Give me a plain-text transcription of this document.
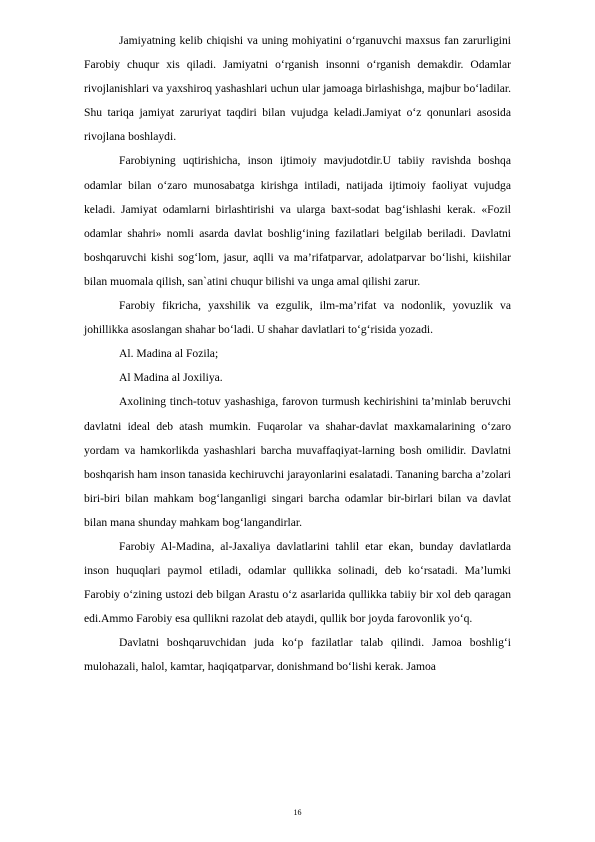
Jamiyatning kelib chiqishi va uning mohiyatini o‘rganuvchi maxsus fan zarurligini Farobiy chuqur xis qiladi. Jamiyatni o‘rganish insonni o‘rganish demakdir. Odamlar rivojlanishlari va yaxshiroq yashashlari uchun ular jamoaga birlashishga, majbur bo‘ladilar. Shu tariqa jamiyat zaruriyat taqdiri bilan vujudga keladi.Jamiyat o‘z qonunlari asosida rivojlana boshlaydi.

Farobiyning uqtirishicha, inson ijtimoiy mavjudotdir.U tabiiy ravishda boshqa odamlar bilan o‘zaro munosabatga kirishga intiladi, natijada ijtimoiy faoliyat vujudga keladi. Jamiyat odamlarni birlashtirishi va ularga baxt-sodat bag‘ishlashi kerak. «Fozil odamlar shahri» nomli asarda davlat boshlig‘ining fazilatlari belgilab beriladi. Davlatni boshqaruvchi kishi sog‘lom, jasur, aqlli va ma’rifatparvar, adolatparvar bo‘lishi, kiishilar bilan muomala qilish, san`atini chuqur bilishi va unga amal qilishi zarur.

Farobiy fikricha, yaxshilik va ezgulik, ilm-ma’rifat va nodonlik, yovuzlik va johillikka asoslangan shahar bo‘ladi. U shahar davlatlari to‘g‘risida yozadi.

Al. Madina al Fozila;

Al Madina al Joxiliya.

Axolining tinch-totuv yashashiga, farovon turmush kechirishini ta’minlab beruvchi davlatni ideal deb atash mumkin. Fuqarolar va shahar-davlat maxkamalarining o‘zaro yordam va hamkorlikda yashashlari barcha muvaffaqiyat-larning bosh omilidir. Davlatni boshqarish ham inson tanasida kechiruvchi jarayonlarini esalatadi. Tananing barcha a’zolari biri-biri bilan mahkam bog‘langanligi singari barcha odamlar bir-birlari bilan va davlat bilan mana shunday mahkam bog‘langandirlar.

Farobiy Al-Madina, al-Jaxaliya davlatlarini tahlil etar ekan, bunday davlatlarda inson huquqlari paymol etiladi, odamlar qullikka solinadi, deb ko‘rsatadi. Ma’lumki Farobiy o‘zining ustozi deb bilgan Arastu o‘z asarlarida qullikka tabiiy bir xol deb qaragan edi.Ammo Farobiy esa qullikni razolat deb ataydi, qullik bor joyda farovonlik yo‘q.

Davlatni boshqaruvchidan juda ko‘p fazilatlar talab qilindi. Jamoa boshlig‘i mulohazali, halol, kamtar, haqiqatparvar, donishmand bo‘lishi kerak. Jamoa

16
